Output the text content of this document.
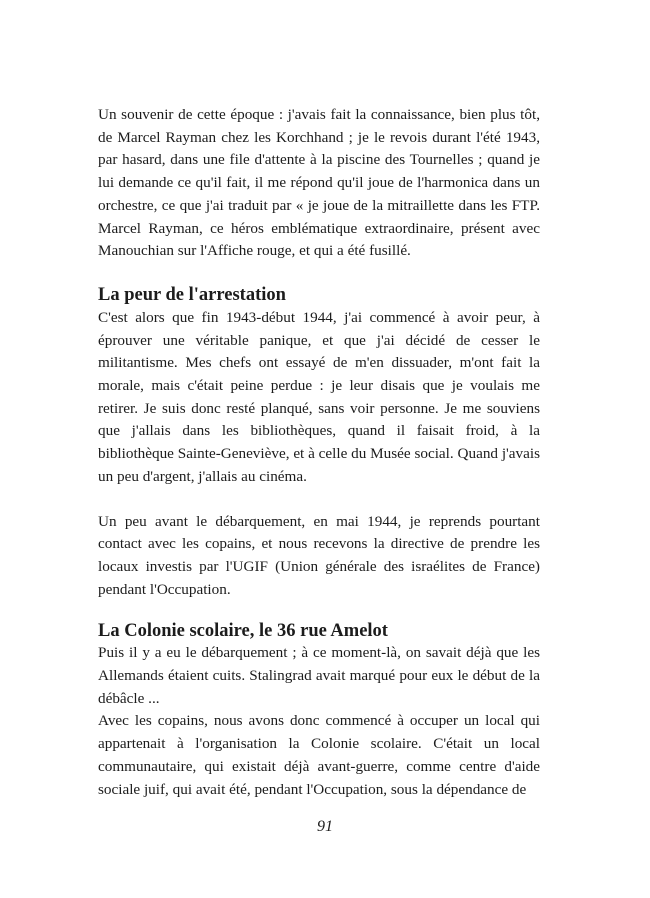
Un souvenir de cette époque : j'avais fait la connaissance, bien plus tôt, de Marcel Rayman chez les Korchhand ; je le revois durant l'été 1943, par hasard, dans une file d'attente à la piscine des Tournelles ; quand je lui demande ce qu'il fait, il me répond qu'il joue de l'harmonica dans un orchestre, ce que j'ai traduit par « je joue de la mitraillette dans les FTP. Marcel Rayman, ce héros emblématique extraordinaire, présent avec Manouchian sur l'Affiche rouge, et qui a été fusillé.

La peur de l'arrestation

C'est alors que fin 1943-début 1944, j'ai commencé à avoir peur, à éprouver une véritable panique, et que j'ai décidé de cesser le militantisme. Mes chefs ont essayé de m'en dissuader, m'ont fait la morale, mais c'était peine perdue : je leur disais que je voulais me retirer. Je suis donc resté planqué, sans voir personne. Je me souviens que j'allais dans les bibliothèques, quand il faisait froid, à la bibliothèque Sainte-Geneviève, et à celle du Musée social. Quand j'avais un peu d'argent, j'allais au cinéma.

Un peu avant le débarquement, en mai 1944, je reprends pourtant contact avec les copains, et nous recevons la directive de prendre les locaux investis par l'UGIF (Union générale des israélites de France) pendant l'Occupation.

La Colonie scolaire, le 36 rue Amelot

Puis il y a eu le débarquement ; à ce moment-là, on savait déjà que les Allemands étaient cuits. Stalingrad avait marqué pour eux le début de la débâcle ...

Avec les copains, nous avons donc commencé à occuper un local qui appartenait à l'organisation la Colonie scolaire. C'était un local communautaire, qui existait déjà avant-guerre, comme centre d'aide sociale juif, qui avait été, pendant l'Occupation, sous la dépendance de

91
